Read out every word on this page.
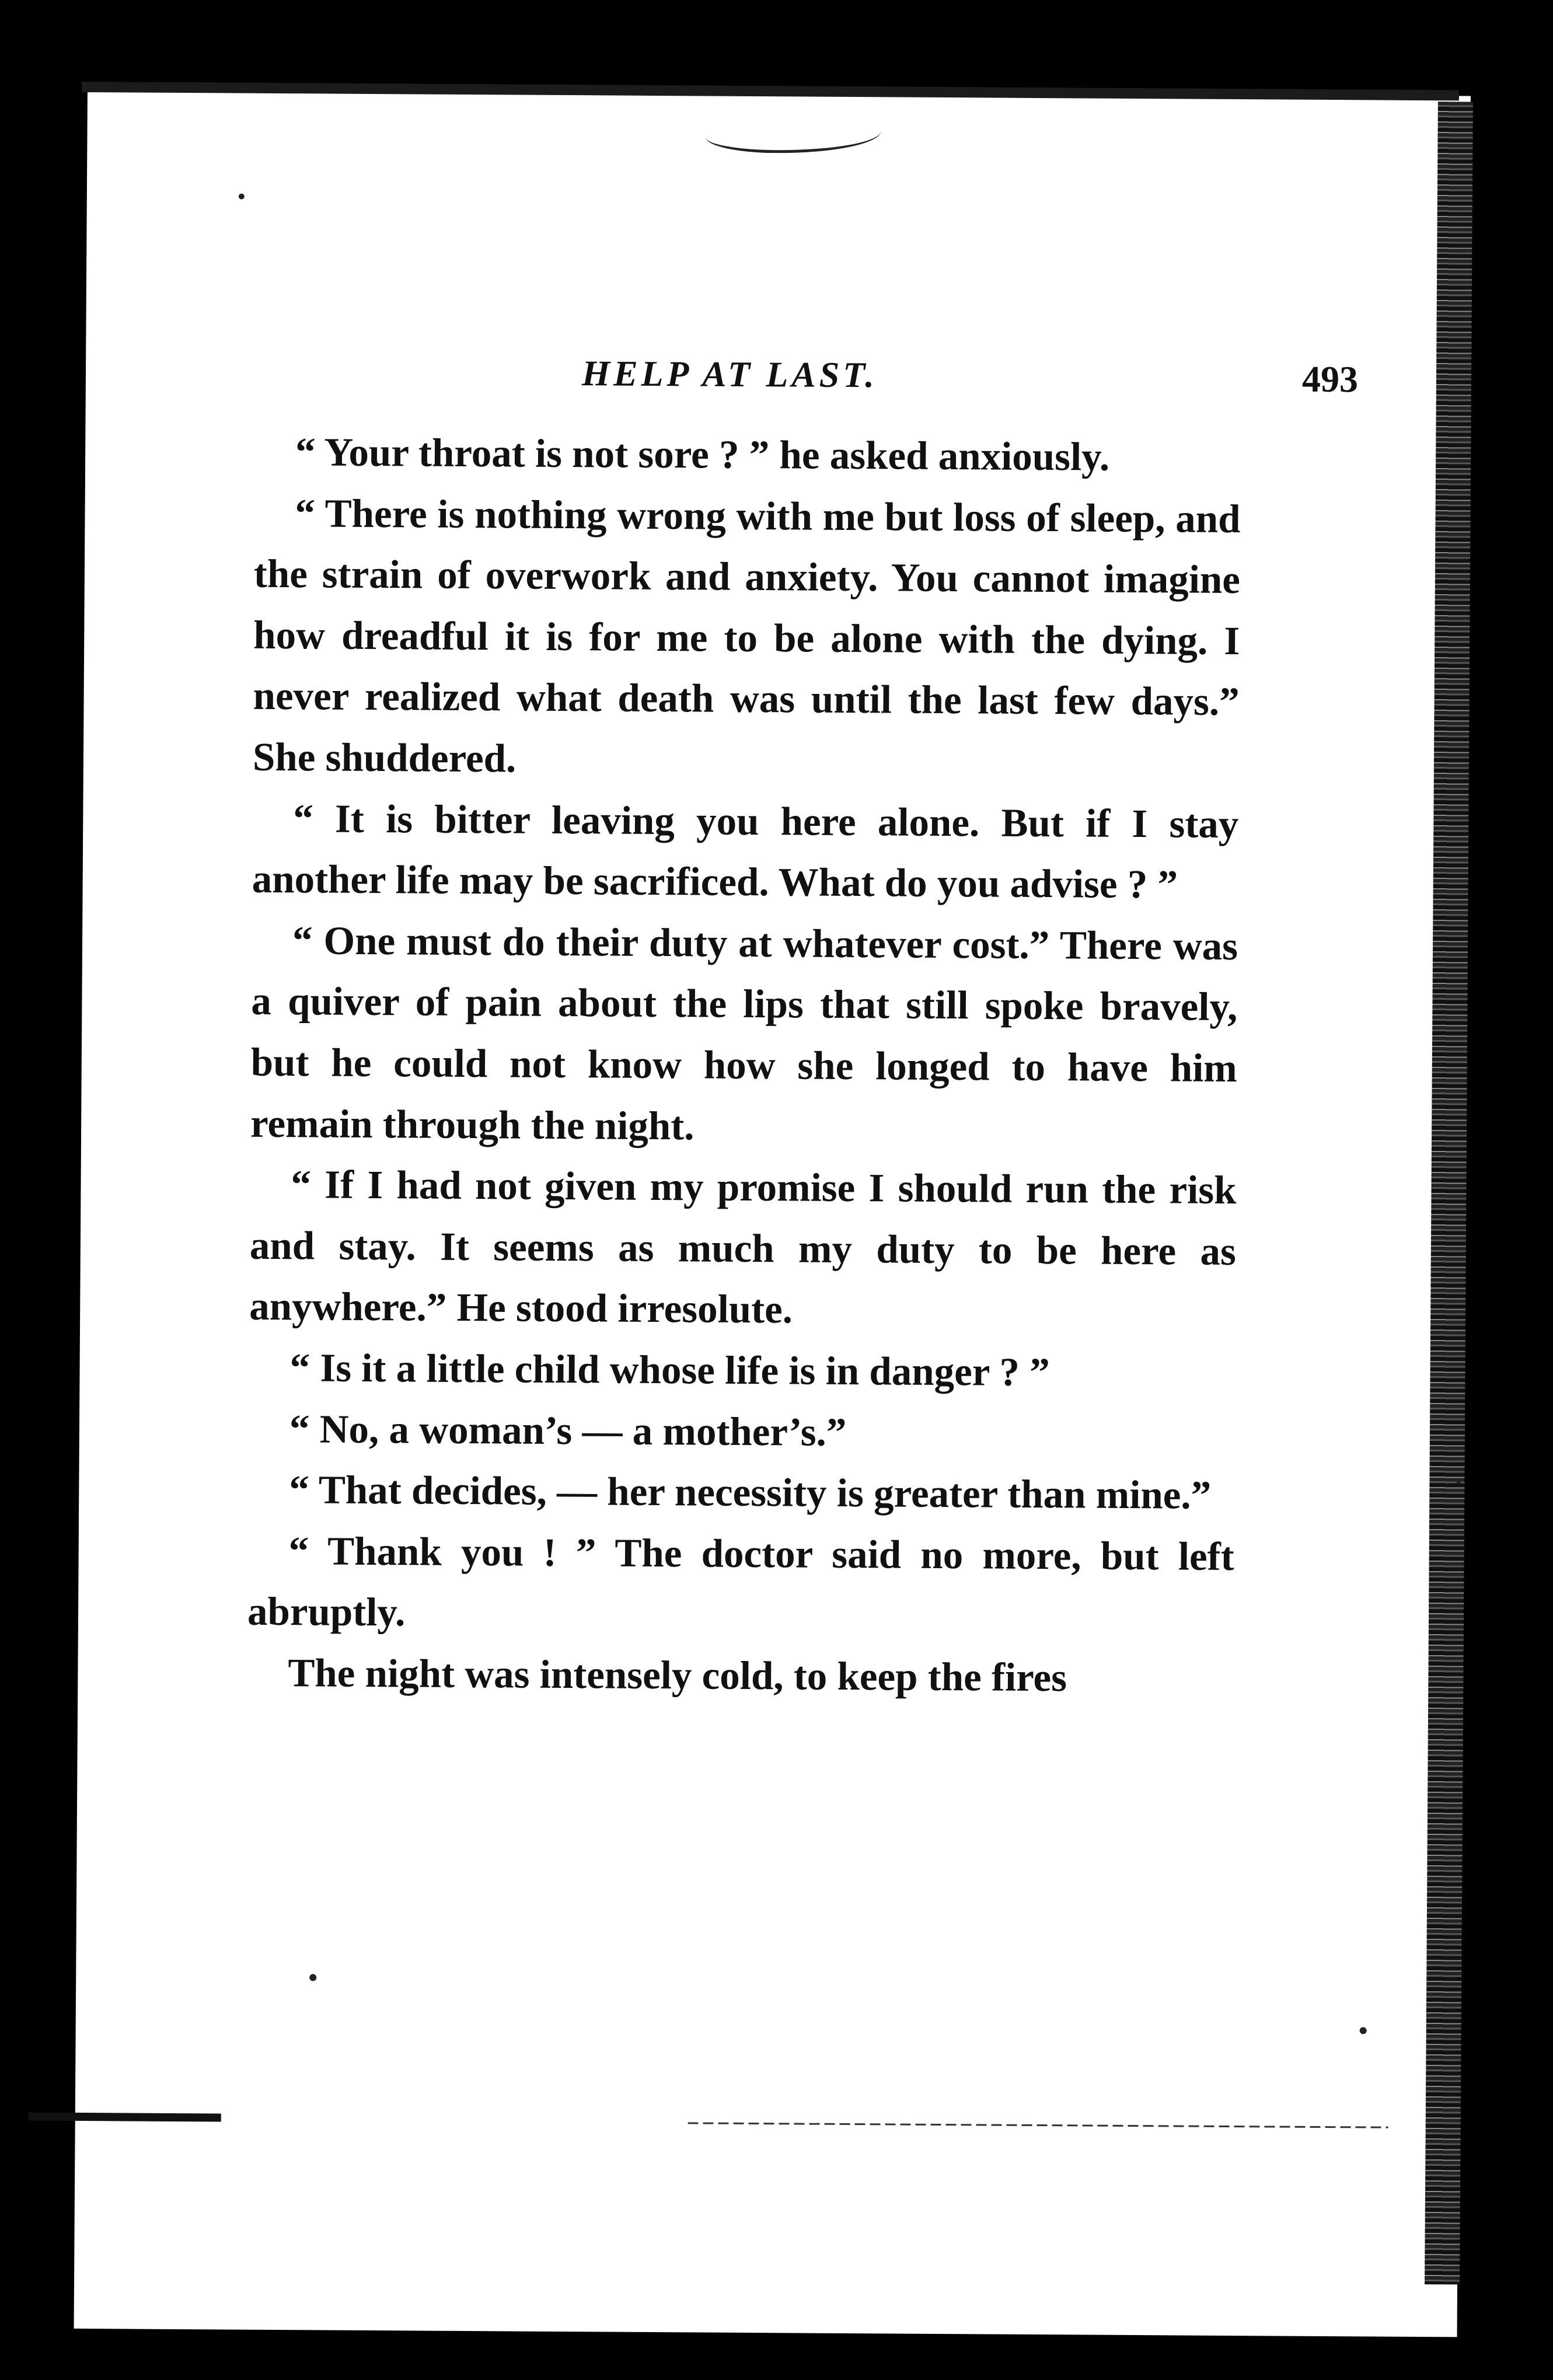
HELP AT LAST.	493

“ Your throat is not sore ? ” he asked anxiously.

“ There is nothing wrong with me but loss of sleep, and the strain of overwork and anxiety. You cannot imagine how dreadful it is for me to be alone with the dying. I never realized what death was until the last few days.” She shuddered.

“ It is bitter leaving you here alone. But if I stay another life may be sacrificed. What do you advise ? ”

“ One must do their duty at whatever cost.” There was a quiver of pain about the lips that still spoke bravely, but he could not know how she longed to have him remain through the night.

“ If I had not given my promise I should run the risk and stay. It seems as much my duty to be here as anywhere.” He stood irresolute.

“ Is it a little child whose life is in danger ? ”

“ No, a woman’s — a mother’s.”

“ That decides, — her necessity is greater than mine.”

“ Thank you ! ” The doctor said no more, but left abruptly.

The night was intensely cold, to keep the fires
